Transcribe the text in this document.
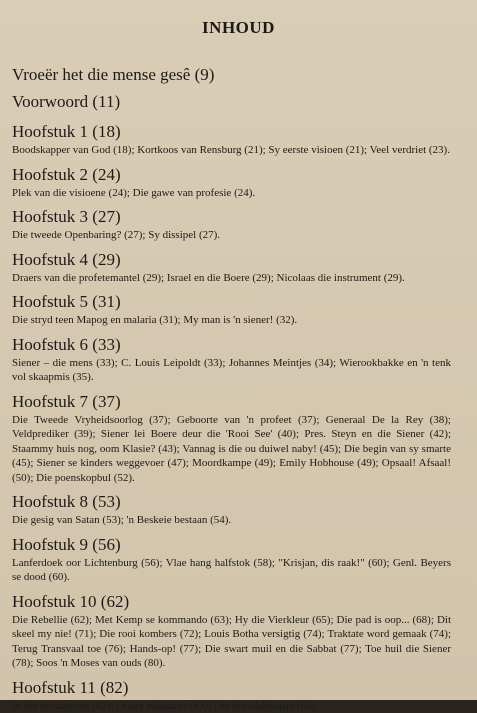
INHOUD
Vroeër het die mense gesê (9)
Voorwoord (11)
Hoofstuk 1 (18)
Boodskapper van God (18); Kortkoos van Rensburg (21); Sy eerste visioen (21); Veel verdriet (23).
Hoofstuk 2 (24)
Plek van die visioene (24); Die gawe van profesie (24).
Hoofstuk 3 (27)
Die tweede Openbaring? (27); Sy dissipel (27).
Hoofstuk 4 (29)
Draers van die profetemantel (29); Israel en die Boere (29); Nicolaas die instrument (29).
Hoofstuk 5 (31)
Die stryd teen Mapog en malaria (31); My man is 'n siener! (32).
Hoofstuk 6 (33)
Siener – die mens (33); C. Louis Leipoldt (33); Johannes Meintjes (34); Wierookbakke en 'n tenk vol skaapmis (35).
Hoofstuk 7 (37)
Die Tweede Vryheidsoorlog (37); Geboorte van 'n profeet (37); Generaal De la Rey (38); Veldprediker (39); Siener lei Boere deur die 'Rooi See' (40); Pres. Steyn en die Siener (42); Staammy huis nog, oom Klasie? (43); Vannag is die ou duiwel naby! (45); Die begin van sy smarte (45); Siener se kinders weggevoer (47); Moordkampe (49); Emily Hobhouse (49); Opsaal! Afsaal! (50); Die poenskopbul (52).
Hoofstuk 8 (53)
Die gesig van Satan (53); 'n Beskeie bestaan (54).
Hoofstuk 9 (56)
Lanferdoek oor Lichtenburg (56); Vlae hang halfstok (58); "Krisjan, dis raak!" (60); Genl. Beyers se dood (60).
Hoofstuk 10 (62)
Die Rebellie (62); Met Kemp se kommando (63); Hy die Vierkleur (65); Die pad is oop... (68); Dit skeel my nie! (71); Die rooi kombers (72); Louis Botha versigtig (74); Traktate word gemaak (74); Terug Transvaal toe (76); Hands-op! (77); Die swart muil en die Sabbat (77); Toe huil die Siener (78); Soos 'n Moses van ouds (80).
Hoofstuk 11 (82)
In die gevangenis (82); Onder plaasares (83); Die brakdakhuisie (85).
